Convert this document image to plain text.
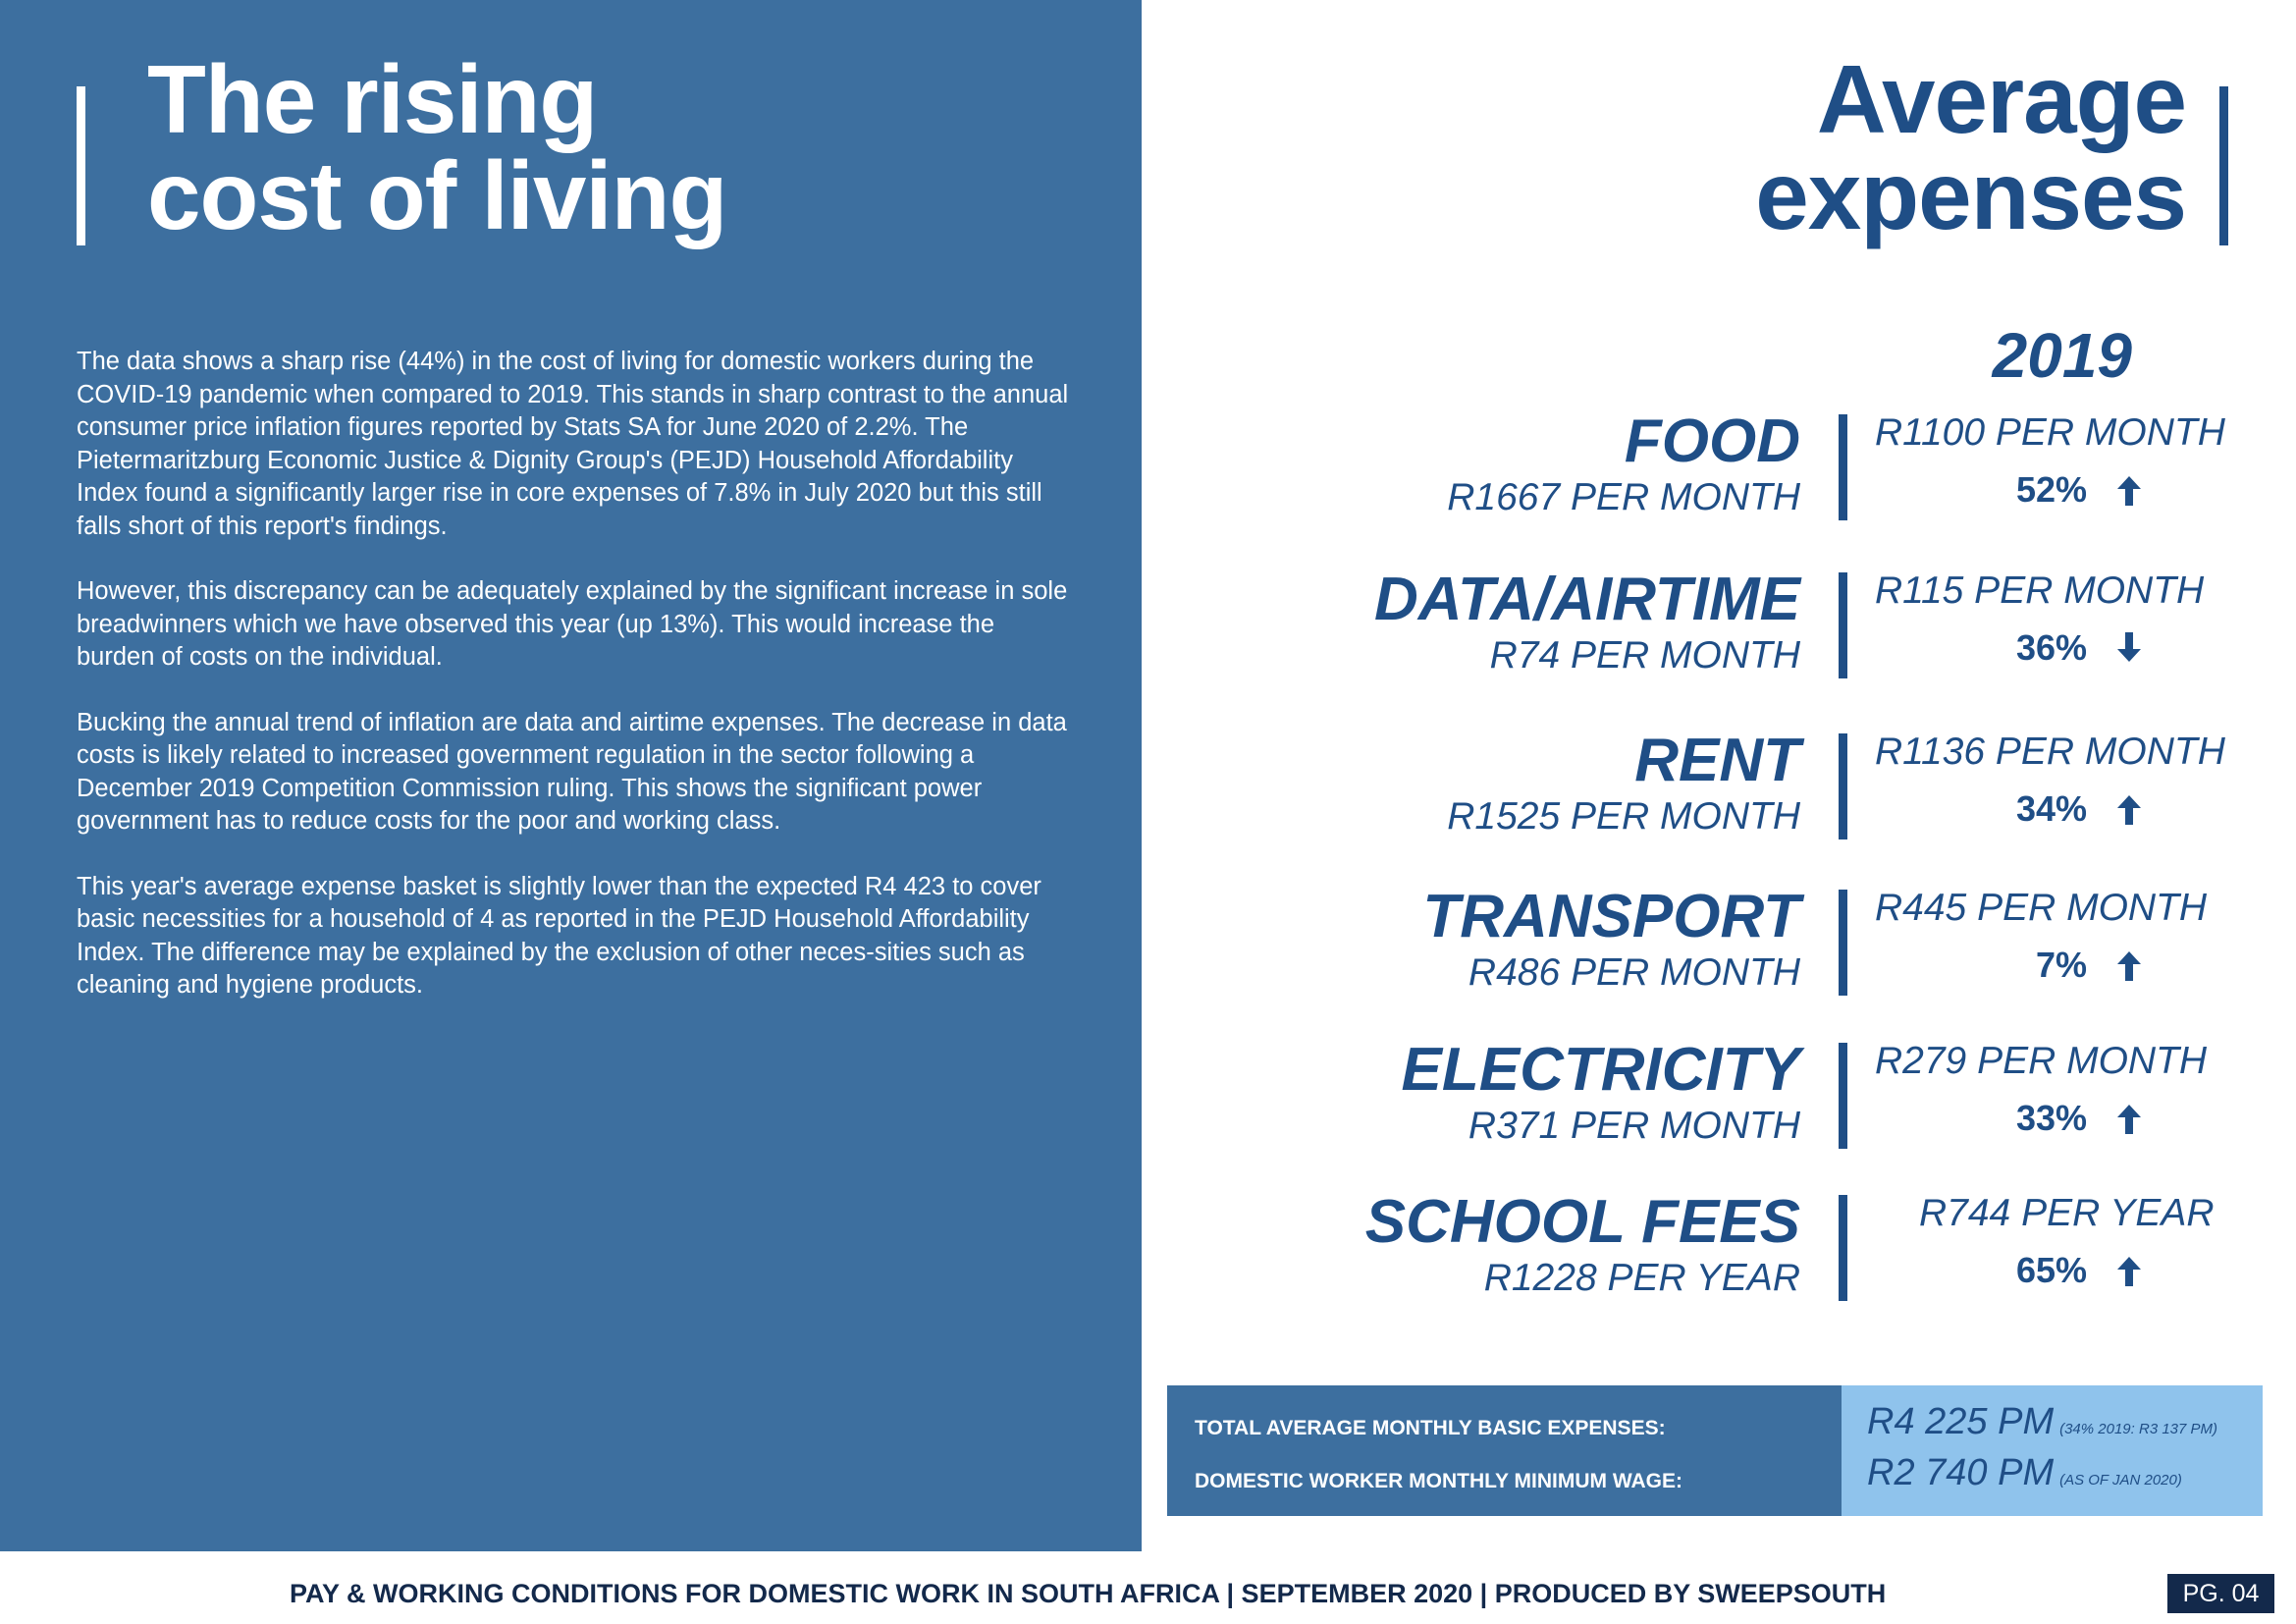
The rising
cost of living

The data shows a sharp rise (44%) in the cost of living for domestic workers during the COVID-19 pandemic when compared to 2019. This stands in sharp contrast to the annual consumer price inflation figures reported by Stats SA for June 2020 of 2.2%. The Pietermaritzburg Economic Justice & Dignity Group's (PEJD) Household Affordability Index found a significantly larger rise in core expenses of 7.8% in July 2020 but this still falls short of this report's findings.

However, this discrepancy can be adequately explained by the significant increase in sole breadwinners which we have observed this year (up 13%). This would increase the burden of costs on the individual.

Bucking the annual trend of inflation are data and airtime expenses. The decrease in data costs is likely related to increased government regulation in the sector following a December 2019 Competition Commission ruling. This shows the significant power government has to reduce costs for the poor and working class.

This year's average expense basket is slightly lower than the expected R4 423 to cover basic necessities for a household of 4 as reported in the PEJD Household Affordability Index. The difference may be explained by the exclusion of other neces-sities such as cleaning and hygiene products.

Average
expenses
2019
FOOD
R1667 PER MONTH
R1100 PER MONTH
52%
DATA/AIRTIME
R74 PER MONTH
R115 PER MONTH
36%
RENT
R1525 PER MONTH
R1136 PER MONTH
34%
TRANSPORT
R486 PER MONTH
R445 PER MONTH
7%
ELECTRICITY
R371 PER MONTH
R279 PER MONTH
33%
SCHOOL FEES
R1228 PER YEAR
R744 PER YEAR
65%
TOTAL AVERAGE MONTHLY BASIC EXPENSES:
DOMESTIC WORKER MONTHLY MINIMUM WAGE:
R4 225 PM (34% 2019: R3 137 PM)
R2 740 PM (AS OF JAN 2020)
PAY & WORKING CONDITIONS FOR DOMESTIC WORK IN SOUTH AFRICA | SEPTEMBER 2020 | PRODUCED BY SWEEPSOUTH	PG. 04
